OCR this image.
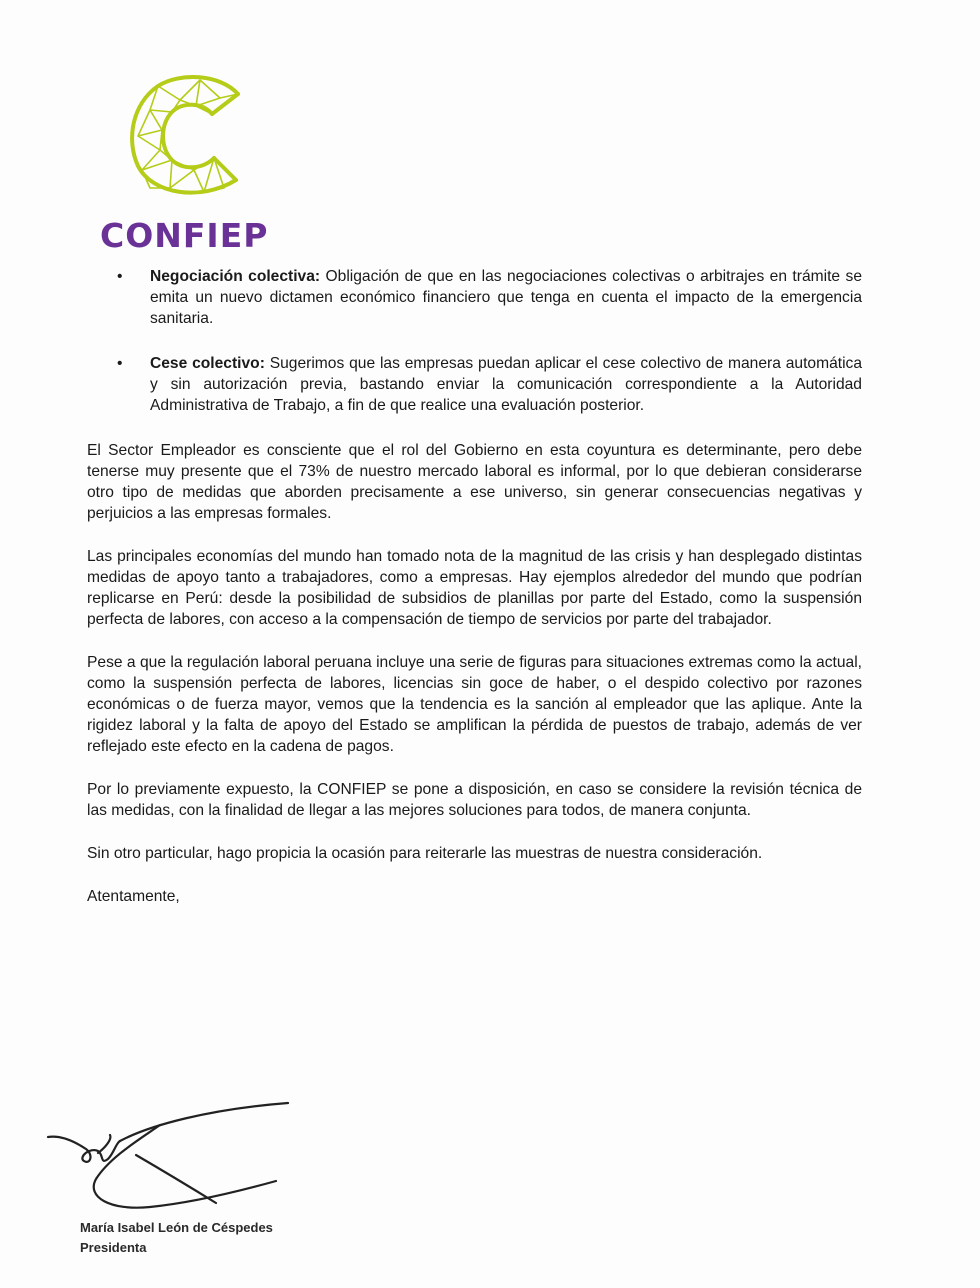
CONFIEP
• Negociación colectiva: Obligación de que en las negociaciones colectivas o arbitrajes en trámite se emita un nuevo dictamen económico financiero que tenga en cuenta el impacto de la emergencia sanitaria.
• Cese colectivo: Sugerimos que las empresas puedan aplicar el cese colectivo de manera automática y sin autorización previa, bastando enviar la comunicación correspondiente a la Autoridad Administrativa de Trabajo, a fin de que realice una evaluación posterior.

El Sector Empleador es consciente que el rol del Gobierno en esta coyuntura es determinante, pero debe tenerse muy presente que el 73% de nuestro mercado laboral es informal, por lo que debieran considerarse otro tipo de medidas que aborden precisamente a ese universo, sin generar consecuencias negativas y perjuicios a las empresas formales.

Las principales economías del mundo han tomado nota de la magnitud de las crisis y han desplegado distintas medidas de apoyo tanto a trabajadores, como a empresas. Hay ejemplos alrededor del mundo que podrían replicarse en Perú: desde la posibilidad de subsidios de planillas por parte del Estado, como la suspensión perfecta de labores, con acceso a la compensación de tiempo de servicios por parte del trabajador.

Pese a que la regulación laboral peruana incluye una serie de figuras para situaciones extremas como la actual, como la suspensión perfecta de labores, licencias sin goce de haber, o el despido colectivo por razones económicas o de fuerza mayor, vemos que la tendencia es la sanción al empleador que las aplique. Ante la rigidez laboral y la falta de apoyo del Estado se amplifican la pérdida de puestos de trabajo, además de ver reflejado este efecto en la cadena de pagos.

Por lo previamente expuesto, la CONFIEP se pone a disposición, en caso se considere la revisión técnica de las medidas, con la finalidad de llegar a las mejores soluciones para todos, de manera conjunta.

Sin otro particular, hago propicia la ocasión para reiterarle las muestras de nuestra consideración.

Atentamente,

María Isabel León de Céspedes
Presidenta
